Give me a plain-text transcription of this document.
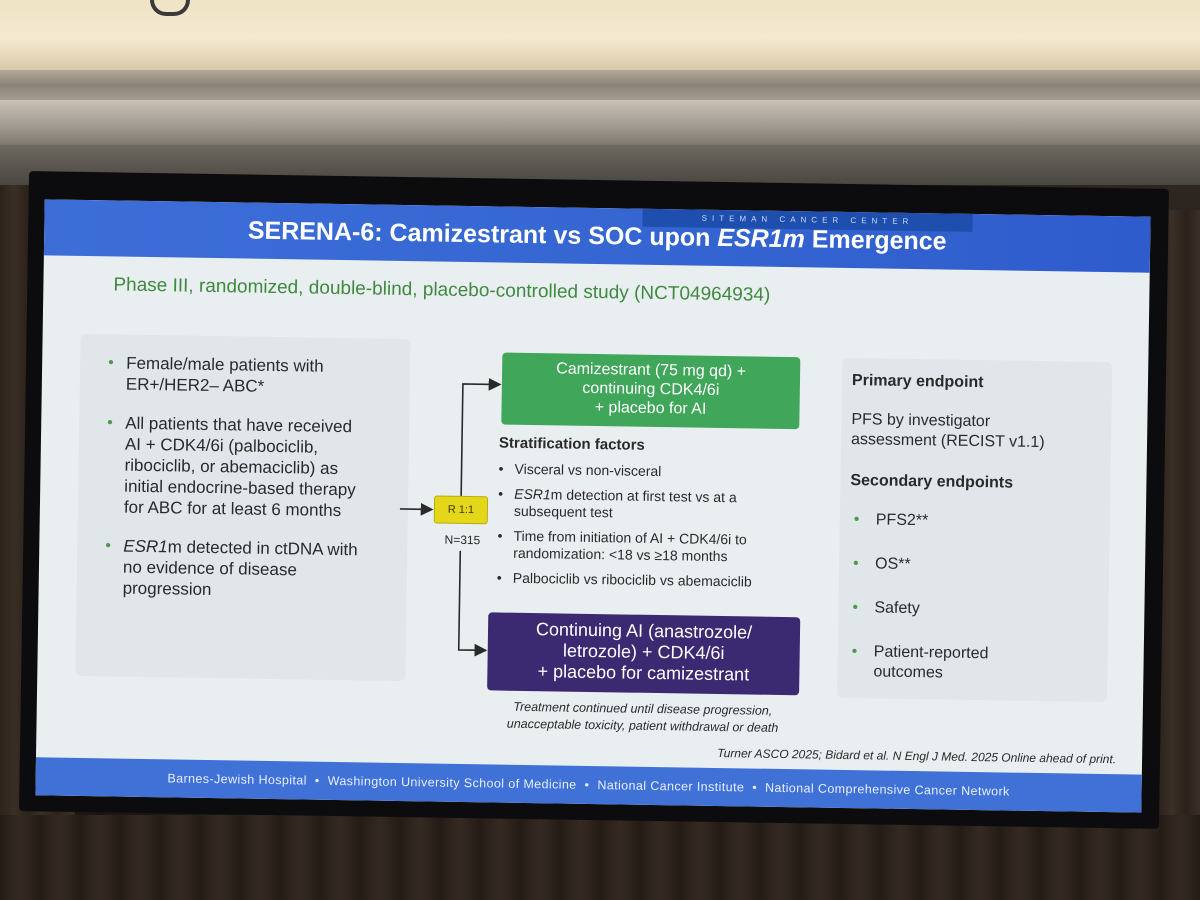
SITEMAN CANCER CENTER
SERENA-6: Camizestrant vs SOC upon ESR1m Emergence
Phase III, randomized, double-blind, placebo-controlled study (NCT04964934)
• Female/male patients with ER+/HER2– ABC*
• All patients that have received AI + CDK4/6i (palbociclib, ribociclib, or abemaciclib) as initial endocrine-based therapy for ABC for at least 6 months
• ESR1m detected in ctDNA with no evidence of disease progression
R 1:1
N=315
Camizestrant (75 mg qd) +
continuing CDK4/6i
+ placebo for AI
Stratification factors
• Visceral vs non-visceral
• ESR1m detection at first test vs at a subsequent test
• Time from initiation of AI + CDK4/6i to randomization: <18 vs ≥18 months
• Palbociclib vs ribociclib vs abemaciclib
Continuing AI (anastrozole/
letrozole) + CDK4/6i
+ placebo for camizestrant
Treatment continued until disease progression,
unacceptable toxicity, patient withdrawal or death
Primary endpoint
PFS by investigator
assessment (RECIST v1.1)
Secondary endpoints
• PFS2**
• OS**
• Safety
• Patient-reported
outcomes
Turner ASCO 2025; Bidard et al. N Engl J Med. 2025 Online ahead of print.
Barnes-Jewish Hospital • Washington University School of Medicine • National Cancer Institute • National Comprehensive Cancer Network
